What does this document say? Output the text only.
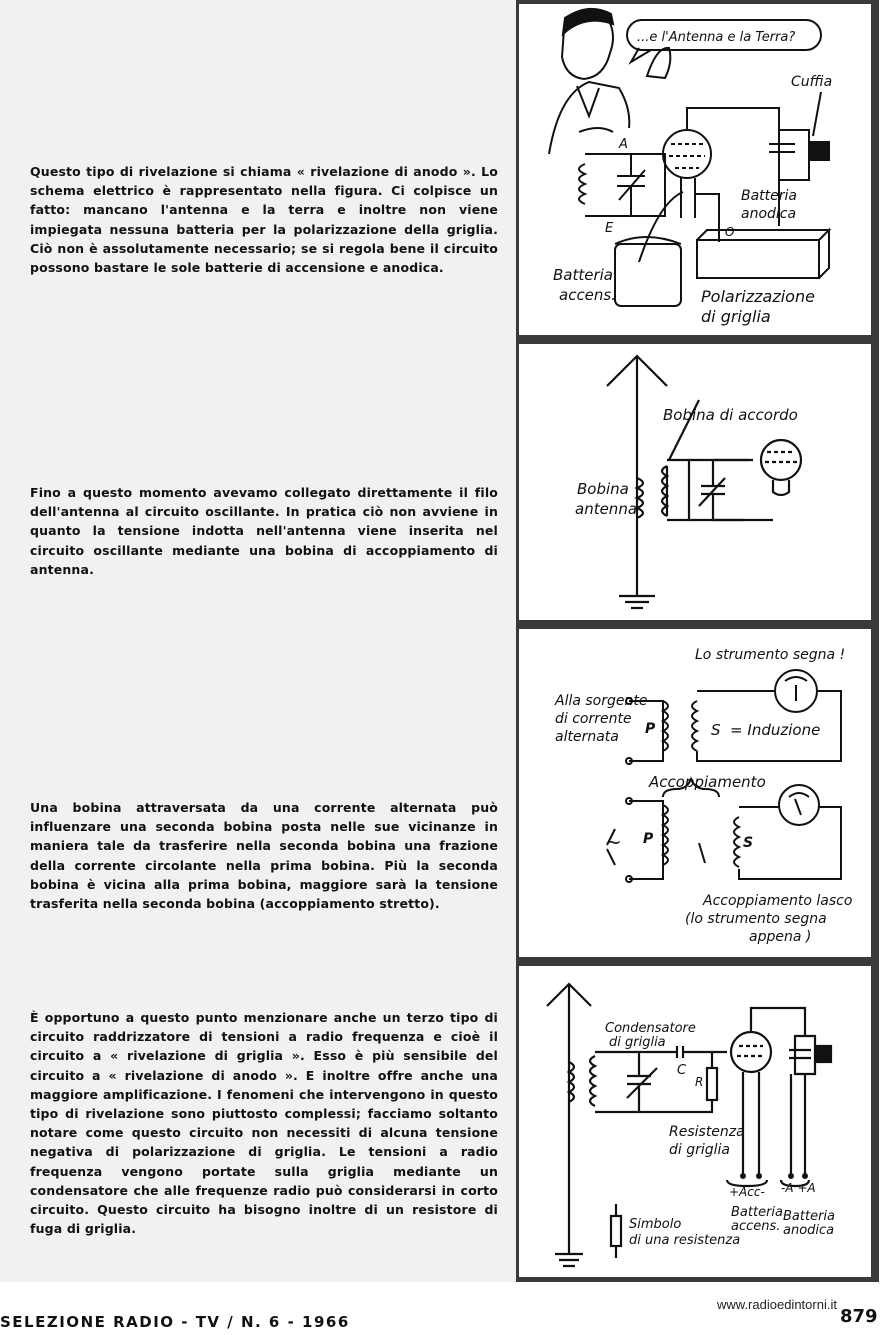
Questo tipo di rivelazione si chiama « rivelazione di anodo ». Lo schema elettrico è rappresentato nella figura. Ci colpisce un fatto: mancano l'antenna e la terra e inoltre non viene impiegata nessuna batteria per la polarizzazione della griglia. Ciò non è assolutamente necessario; se si regola bene il circuito possono bastare le sole batterie di accensione e anodica.

...e l'Antenna e la Terra?
Cuffia
Batteria
anodica
Batteria
accens.	Polarizzazione
di griglia
A
E	O

Fino a questo momento avevamo collegato direttamente il filo dell'antenna al circuito oscillante. In pratica ciò non avviene in quanto la tensione indotta nell'antenna viene inserita nel circuito oscillante mediante una bobina di accoppiamento di antenna.

Bobina di accordo
Bobina
antenna

Una bobina attraversata da una corrente alternata può influenzare una seconda bobina posta nelle sue vicinanze in maniera tale da trasferire nella seconda bobina una frazione della corrente circolante nella prima bobina. Più la seconda bobina è vicina alla prima bobina, maggiore sarà la tensione trasferita nella seconda bobina (accoppiamento stretto).

Lo strumento segna !
Alla sorgente
di corrente
alternata P	S  = Induzione
Accoppiamento
~ P	S
Accoppiamento lasco
(lo strumento segna
appena )

È opportuno a questo punto menzionare anche un terzo tipo di circuito raddrizzatore di tensioni a radio frequenza e cioè il circuito a « rivelazione di griglia ». Esso è più sensibile del circuito a « rivelazione di anodo ». E inoltre offre anche una maggiore amplificazione. I fenomeni che intervengono in questo tipo di rivelazione sono piuttosto complessi; facciamo soltanto notare come questo circuito non necessiti di alcuna tensione negativa di polarizzazione di griglia. Le tensioni a radio frequenza vengono portate sulla griglia mediante un condensatore che alle frequenze radio può considerarsi in corto circuito. Questo circuito ha bisogno inoltre di un resistore di fuga di griglia.

Condensatore
di griglia
C
R
Resistenza
di griglia
+Acc- -A +A
Batteria
accens.
Batteria
anodica
Simbolo
di una resistenza
SELEZIONE RADIO - TV / N. 6 - 1966
www.radioedintorni.it
879
